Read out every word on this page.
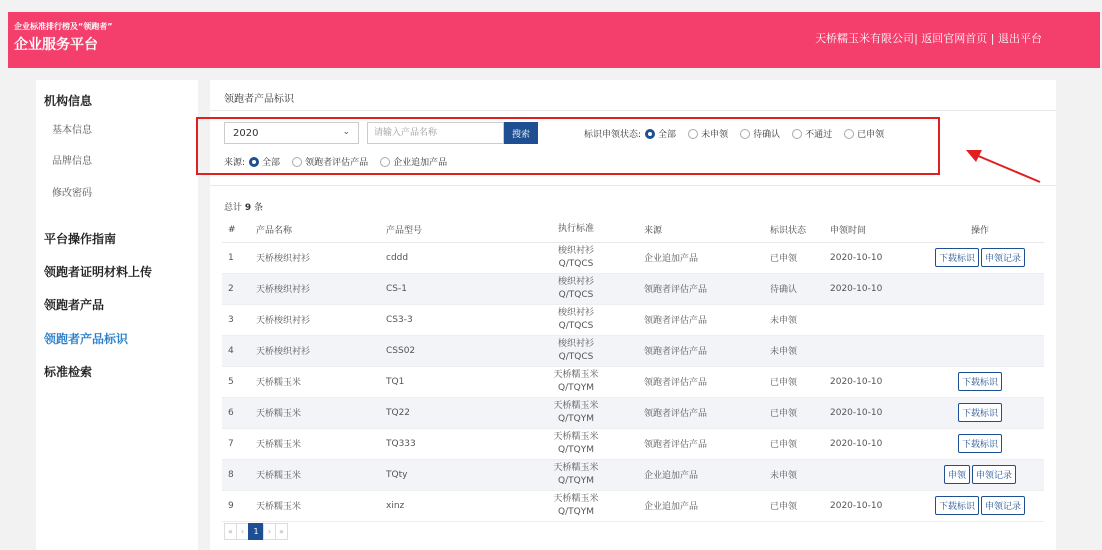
企业标准排行榜及“领跑者”
企业服务平台	天桥糯玉米有限公司| 返回官网首页 | 退出平台
机构信息
基本信息
品牌信息
修改密码
平台操作指南
领跑者证明材料上传
领跑者产品
领跑者产品标识
标准检索
领跑者产品标识
2020	⌄
请输入产品名称	搜索	标识申领状态: 全部	未申领	待确认	不通过	已申领
来源: 全部	领跑者评估产品	企业追加产品
总计 9 条
#	产品名称	产品型号	执行标准	来源	标识状态	申领时间	操作
1	天桥梭织衬衫	cddd	梭织衬衫
Q/TQCS	企业追加产品	已申领	2020-10-10	下载标识 申领记录
2	天桥梭织衬衫	CS-1	梭织衬衫
Q/TQCS	领跑者评估产品	待确认	2020-10-10	
3	天桥梭织衬衫	CS3-3	梭织衬衫
Q/TQCS	领跑者评估产品	未申领		
4	天桥梭织衬衫	CSS02	梭织衬衫
Q/TQCS	领跑者评估产品	未申领		
5	天桥糯玉米	TQ1	天桥糯玉米
Q/TQYM	领跑者评估产品	已申领	2020-10-10	下载标识
6	天桥糯玉米	TQ22	天桥糯玉米
Q/TQYM	领跑者评估产品	已申领	2020-10-10	下载标识
7	天桥糯玉米	TQ333	天桥糯玉米
Q/TQYM	领跑者评估产品	已申领	2020-10-10	下载标识
8	天桥糯玉米	TQty	天桥糯玉米
Q/TQYM	企业追加产品	未申领		申领 申领记录
9	天桥糯玉米	xinz	天桥糯玉米
Q/TQYM	企业追加产品	已申领	2020-10-10	下载标识 申领记录
« ‹	1	› »
